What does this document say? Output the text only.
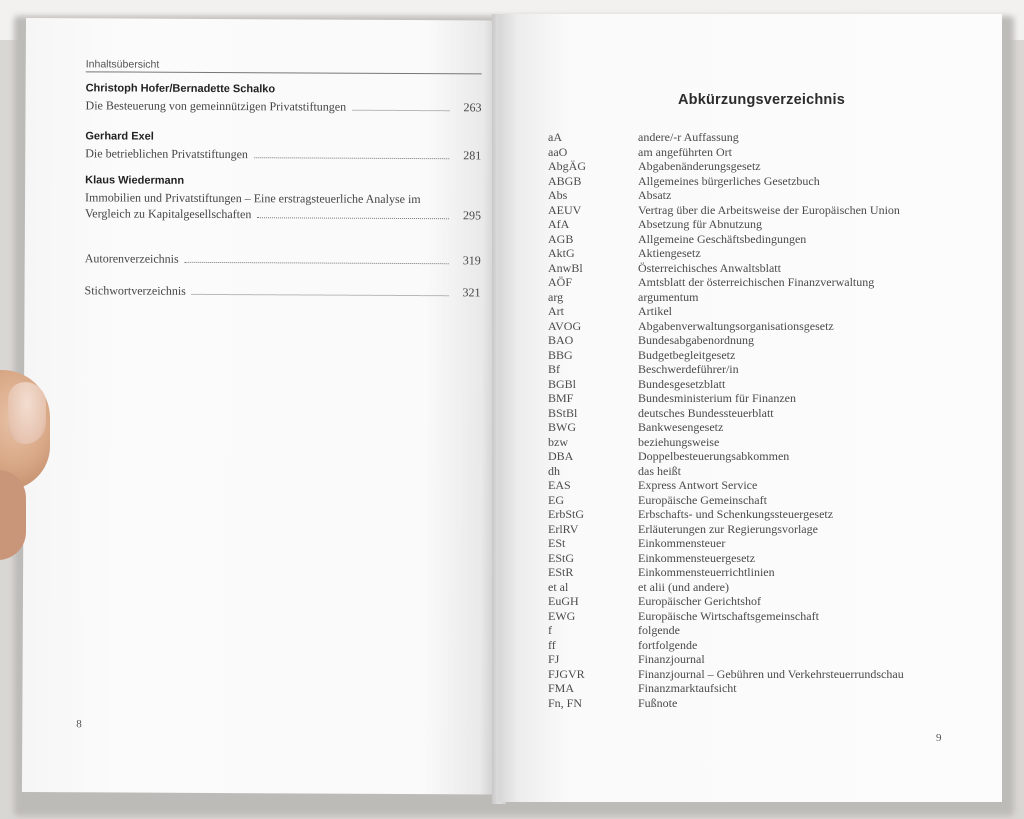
Inhaltsübersicht
Christoph Hofer/Bernadette Schalko
Die Besteuerung von gemeinnützigen Privatstiftungen	263
Gerhard Exel
Die betrieblichen Privatstiftungen	281
Klaus Wiedermann
Immobilien und Privatstiftungen – Eine erstragsteuerliche Analyse im
Vergleich zu Kapitalgesellschaften	295
Autorenverzeichnis	319
Stichwortverzeichnis	321
8
Abkürzungsverzeichnis
aA	andere/-r Auffassung
aaO	am angeführten Ort
AbgÄG	Abgabenänderungsgesetz
ABGB	Allgemeines bürgerliches Gesetzbuch
Abs	Absatz
AEUV	Vertrag über die Arbeitsweise der Europäischen Union
AfA	Absetzung für Abnutzung
AGB	Allgemeine Geschäftsbedingungen
AktG	Aktiengesetz
AnwBl	Österreichisches Anwaltsblatt
AÖF	Amtsblatt der österreichischen Finanzverwaltung
arg	argumentum
Art	Artikel
AVOG	Abgabenverwaltungsorganisationsgesetz
BAO	Bundesabgabenordnung
BBG	Budgetbegleitgesetz
Bf	Beschwerdeführer/in
BGBl	Bundesgesetzblatt
BMF	Bundesministerium für Finanzen
BStBl	deutsches Bundessteuerblatt
BWG	Bankwesengesetz
bzw	beziehungsweise
DBA	Doppelbesteuerungsabkommen
dh	das heißt
EAS	Express Antwort Service
EG	Europäische Gemeinschaft
ErbStG	Erbschafts- und Schenkungssteuergesetz
ErlRV	Erläuterungen zur Regierungsvorlage
ESt	Einkommensteuer
EStG	Einkommensteuergesetz
EStR	Einkommensteuerrichtlinien
et al	et alii (und andere)
EuGH	Europäischer Gerichtshof
EWG	Europäische Wirtschaftsgemeinschaft
f	folgende
ff	fortfolgende
FJ	Finanzjournal
FJGVR	Finanzjournal – Gebühren und Verkehrsteuerrundschau
FMA	Finanzmarktaufsicht
Fn, FN	Fußnote
9
